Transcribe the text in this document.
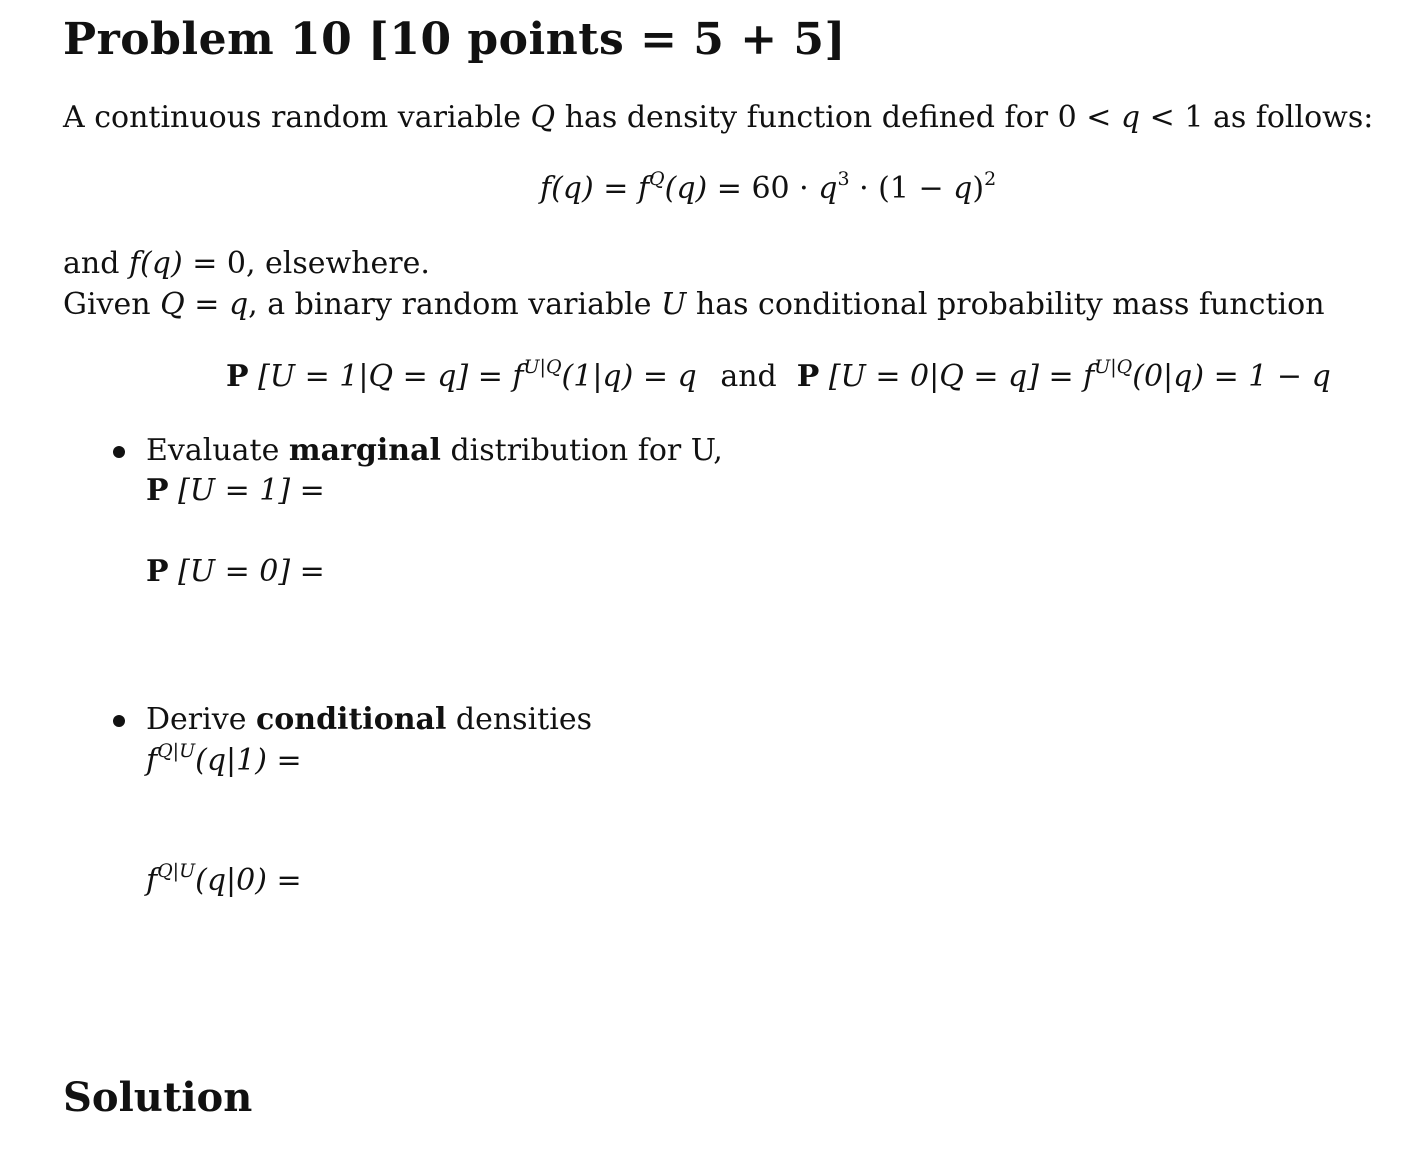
Problem 10 [10 points = 5 + 5]
A continuous random variable Q has density function defined for 0 < q < 1 as follows:
$f(q) = f^Q(q) = 60 \cdot q^3 \cdot (1 - q)^2$
and f(q) = 0, elsewhere.
Given Q = q, a binary random variable U has conditional probability mass function
P $[U = 1|Q = q] = f^{U|Q}(1|q) = q$ and P $[U = 0|Q = q] = f^{U|Q}(0|q) = 1 - q$
Evaluate marginal distribution for U,
P [U = 1] =
P [U = 0] =
Derive conditional densities
$f^{Q|U}(q|1)$ =
$f^{Q|U}(q|0)$ =
Solution
